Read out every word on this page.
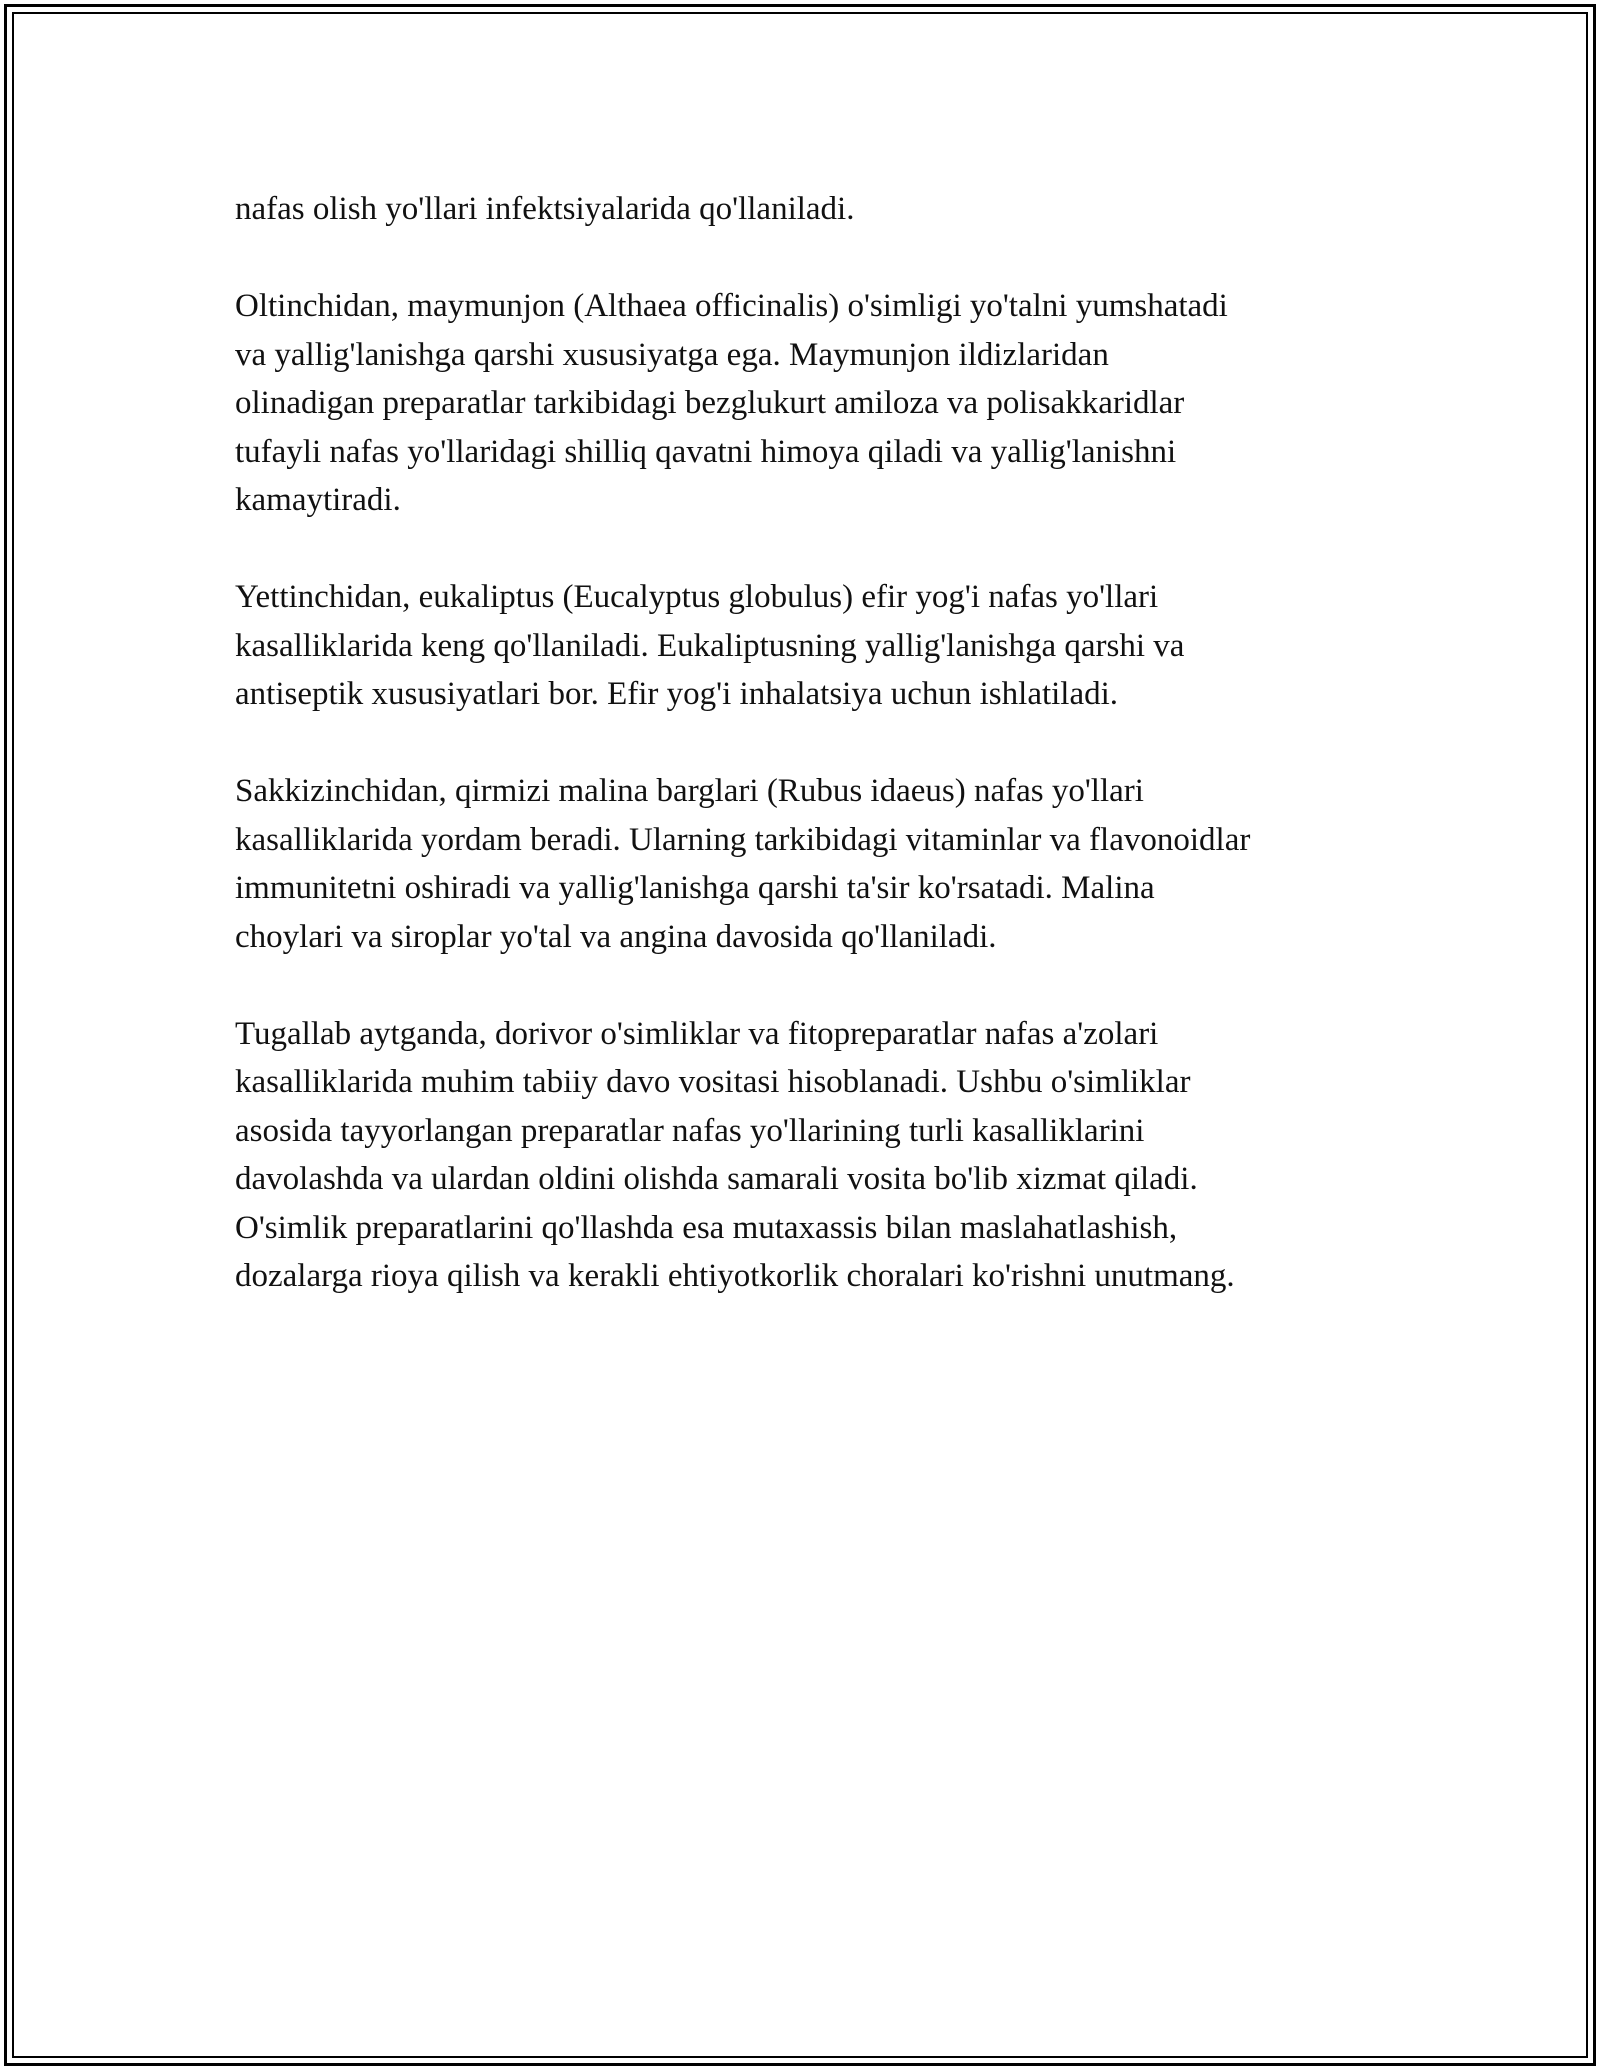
nafas olish yo'llari infektsiyalarida qo'llaniladi.

Oltinchidan, maymunjon (Althaea officinalis) o'simligi yo'talni yumshatadi
va yallig'lanishga qarshi xususiyatga ega. Maymunjon ildizlaridan
olinadigan preparatlar tarkibidagi bezglukurt amiloza va polisakkaridlar
tufayli nafas yo'llaridagi shilliq qavatni himoya qiladi va yallig'lanishni
kamaytiradi.

Yettinchidan, eukaliptus (Eucalyptus globulus) efir yog'i nafas yo'llari
kasalliklarida keng qo'llaniladi. Eukaliptusning yallig'lanishga qarshi va
antiseptik xususiyatlari bor. Efir yog'i inhalatsiya uchun ishlatiladi.

Sakkizinchidan, qirmizi malina barglari (Rubus idaeus) nafas yo'llari
kasalliklarida yordam beradi. Ularning tarkibidagi vitaminlar va flavonoidlar
immunitetni oshiradi va yallig'lanishga qarshi ta'sir ko'rsatadi. Malina
choylari va siroplar yo'tal va angina davosida qo'llaniladi.

Tugallab aytganda, dorivor o'simliklar va fitopreparatlar nafas a'zolari
kasalliklarida muhim tabiiy davo vositasi hisoblanadi. Ushbu o'simliklar
asosida tayyorlangan preparatlar nafas yo'llarining turli kasalliklarini
davolashda va ulardan oldini olishda samarali vosita bo'lib xizmat qiladi.
O'simlik preparatlarini qo'llashda esa mutaxassis bilan maslahatlashish,
dozalarga rioya qilish va kerakli ehtiyotkorlik choralari ko'rishni unutmang.
